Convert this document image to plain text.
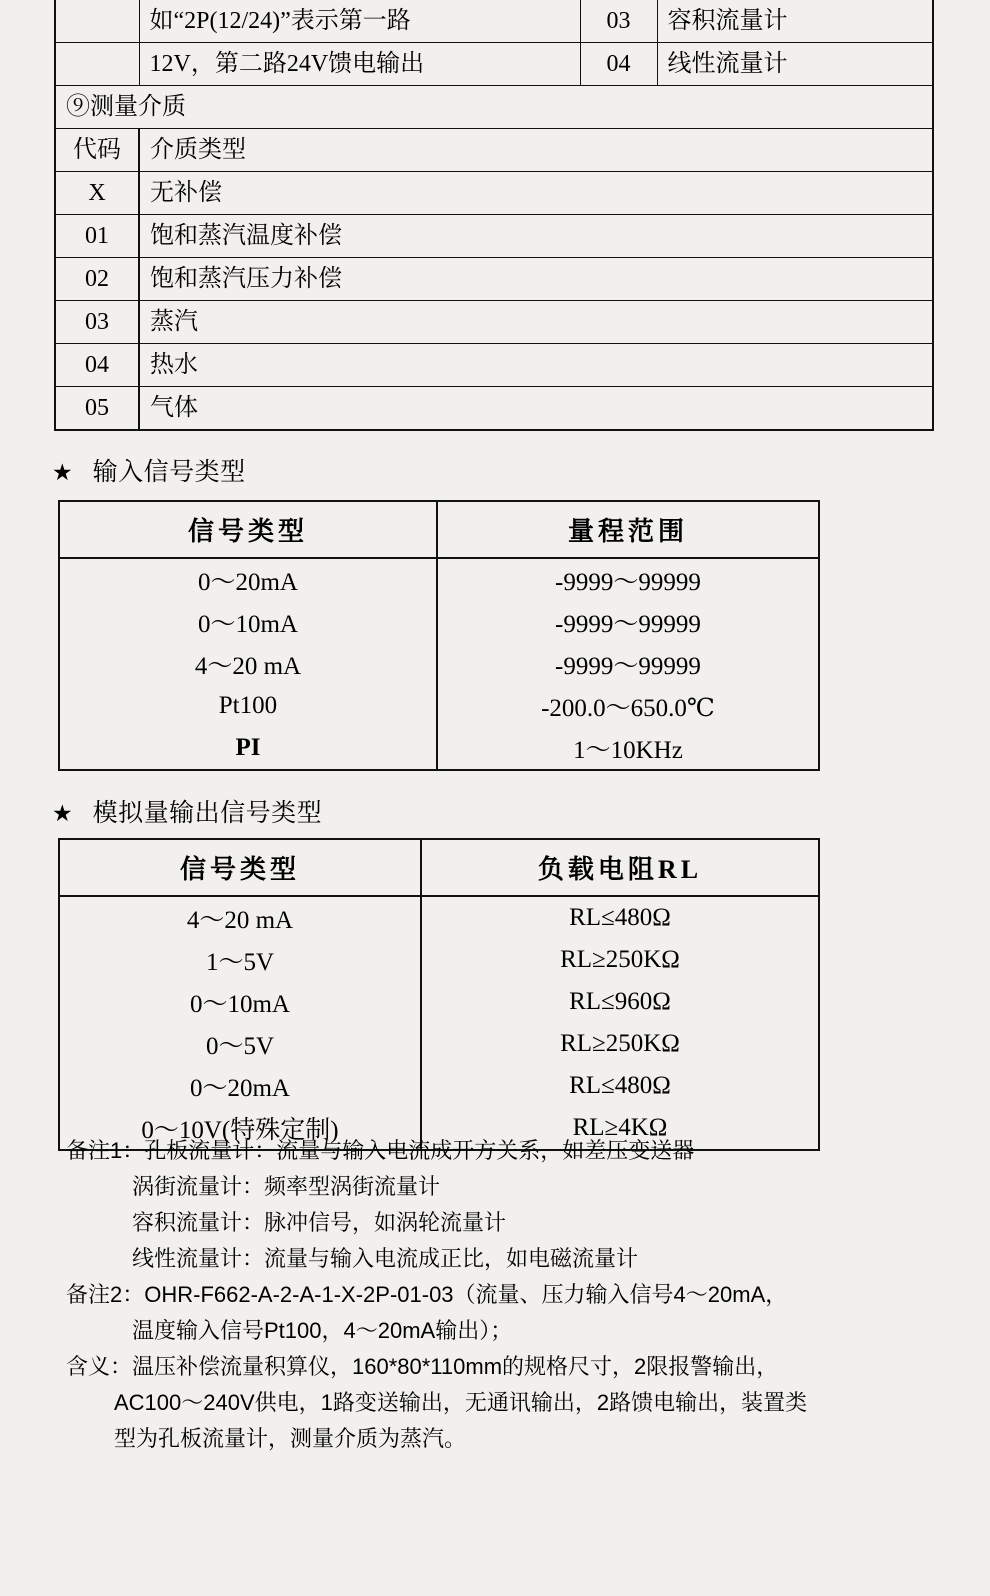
	如“2P(12/24)”表示第一路	03	容积流量计
	12V，第二路24V馈电输出	04	线性流量计
⑨测量介质			
代码	介质类型		
X	无补偿		
01	饱和蒸汽温度补偿		
02	饱和蒸汽压力补偿		
03	蒸汽		
04	热水		
05	气体		
★ 输入信号类型
信号类型	量程范围
0～20mA	-9999～99999
0～10mA	-9999～99999
4～20 mA	-9999～99999
Pt100	-200.0～650.0℃
PI	1～10KHz
★ 模拟量输出信号类型
信号类型	负载电阻RL
4～20 mA	RL≤480Ω
1～5V	RL≥250KΩ
0～10mA	RL≤960Ω
0～5V	RL≥250KΩ
0～20mA	RL≤480Ω
0～10V(特殊定制)	RL≥4KΩ

备注1：孔板流量计：流量与输入电流成开方关系，如差压变送器

涡街流量计：频率型涡街流量计

容积流量计：脉冲信号，如涡轮流量计

线性流量计：流量与输入电流成正比，如电磁流量计

备注2：OHR-F662-A-2-A-1-X-2P-01-03（流量、压力输入信号4～20mA，

温度输入信号Pt100，4～20mA输出）；

含义：温压补偿流量积算仪，160*80*110mm的规格尺寸，2限报警输出，

AC100～240V供电，1路变送输出，无通讯输出，2路馈电输出，装置类

型为孔板流量计，测量介质为蒸汽。
